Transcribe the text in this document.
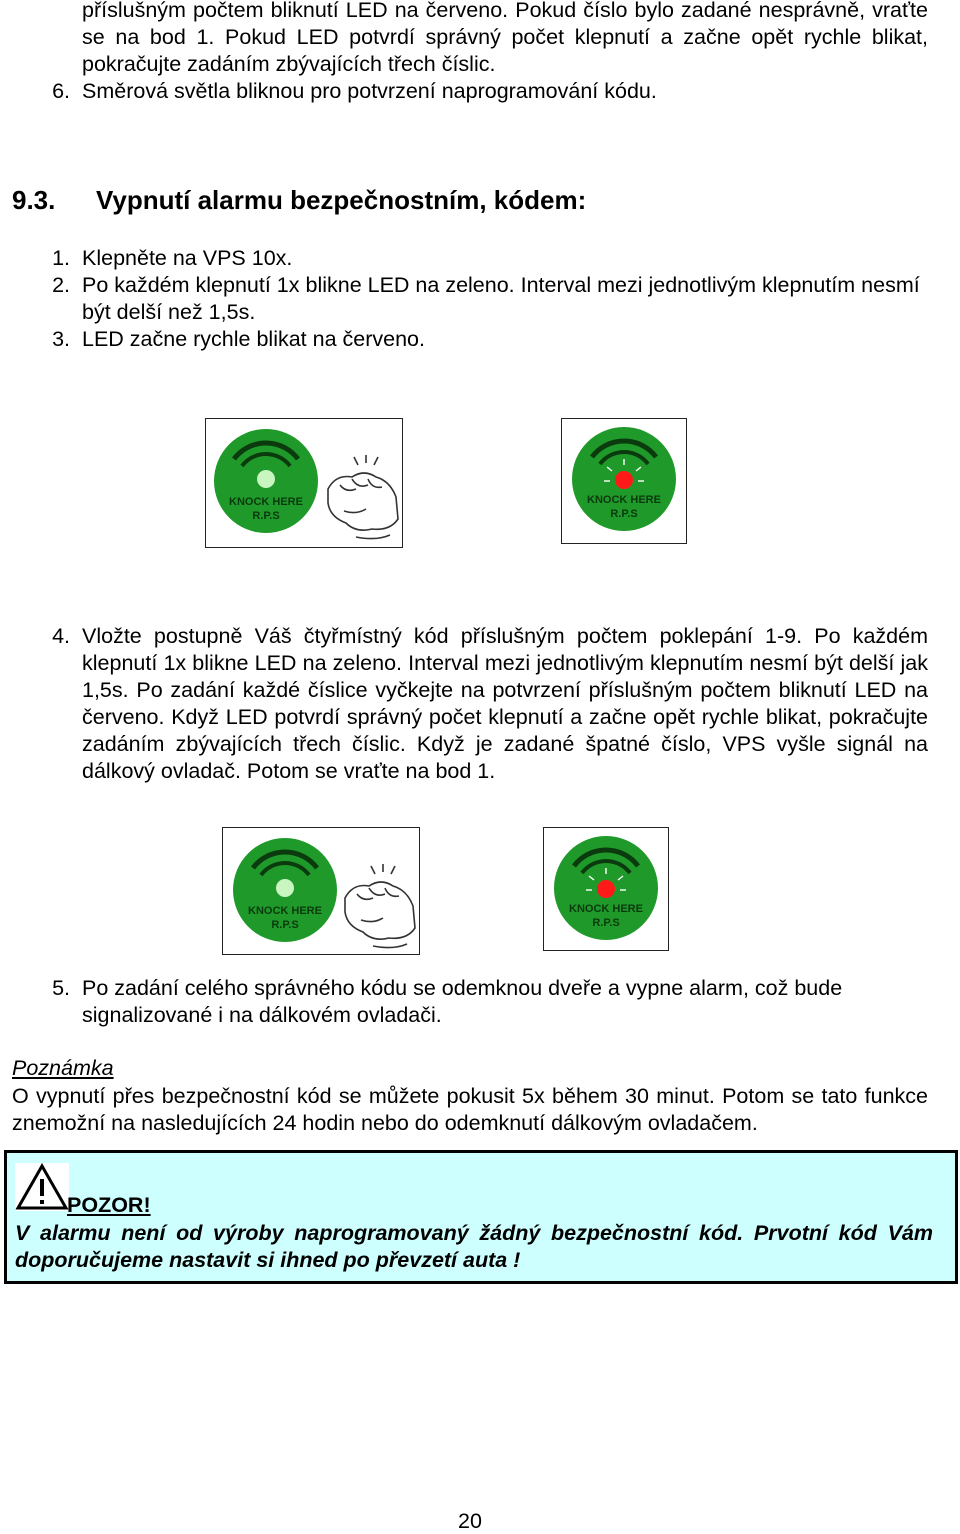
příslušným počtem bliknutí LED na červeno. Pokud číslo bylo zadané nesprávně, vraťte se na bod 1. Pokud LED potvrdí správný počet klepnutí a začne opět rychle blikat, pokračujte zadáním zbývajících třech číslic.
6. Směrová světla bliknou pro potvrzení naprogramování kódu.
9.3. Vypnutí alarmu bezpečnostním, kódem:
1. Klepněte na VPS 10x.
2. Po každém klepnutí 1x blikne LED na zeleno. Interval mezi jednotlivým klepnutím nesmí být delší než 1,5s.
3. LED začne rychle blikat na červeno.
KNOCK HERE
R.P.S
KNOCK HERE
R.P.S
4. Vložte postupně Váš čtyřmístný kód příslušným počtem poklepání 1-9. Po každém klepnutí 1x blikne LED na zeleno. Interval mezi jednotlivým klepnutím nesmí být delší jak 1,5s. Po zadání každé číslice vyčkejte na potvrzení příslušným počtem bliknutí LED na červeno. Když LED potvrdí správný počet klepnutí a začne opět rychle blikat, pokračujte zadáním zbývajících třech číslic. Když je zadané špatné číslo, VPS vyšle signál na dálkový ovladač. Potom se vraťte na bod 1.
KNOCK HERE
R.P.S
KNOCK HERE
R.P.S
5. Po zadání celého správného kódu se odemknou dveře a vypne alarm, což bude signalizované i na dálkovém ovladači.
Poznámka
O vypnutí přes bezpečnostní kód se můžete pokusit 5x během 30 minut. Potom se tato funkce znemožní na nasledujících 24 hodin nebo do odemknutí dálkovým ovladačem.
POZOR!
V alarmu není od výroby naprogramovaný žádný bezpečnostní kód. Prvotní kód Vám doporučujeme nastavit si ihned po převzetí auta !
20
